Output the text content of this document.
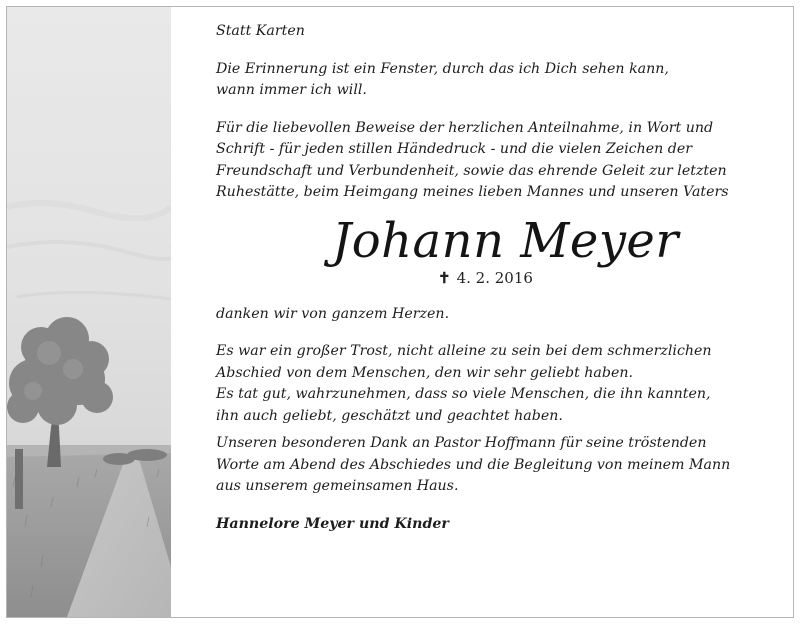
Statt Karten

Die Erinnerung ist ein Fenster, durch das ich Dich sehen kann,

wann immer ich will.

Für die liebevollen Beweise der herzlichen Anteilnahme, in Wort und

Schrift - für jeden stillen Händedruck - und die vielen Zeichen der

Freundschaft und Verbundenheit, sowie das ehrende Geleit zur letzten

Ruhestätte, beim Heimgang meines lieben Mannes und unseren Vaters

Johann Meyer
✝ 4. 2. 2016

danken wir von ganzem Herzen.

Es war ein großer Trost, nicht alleine zu sein bei dem schmerzlichen

Abschied von dem Menschen, den wir sehr geliebt haben.

Es tat gut, wahrzunehmen, dass so viele Menschen, die ihn kannten,

ihn auch geliebt, geschätzt und geachtet haben.

Unseren besonderen Dank an Pastor Hoffmann für seine tröstenden

Worte am Abend des Abschiedes und die Begleitung von meinem Mann

aus unserem gemeinsamen Haus.

Hannelore Meyer und Kinder
